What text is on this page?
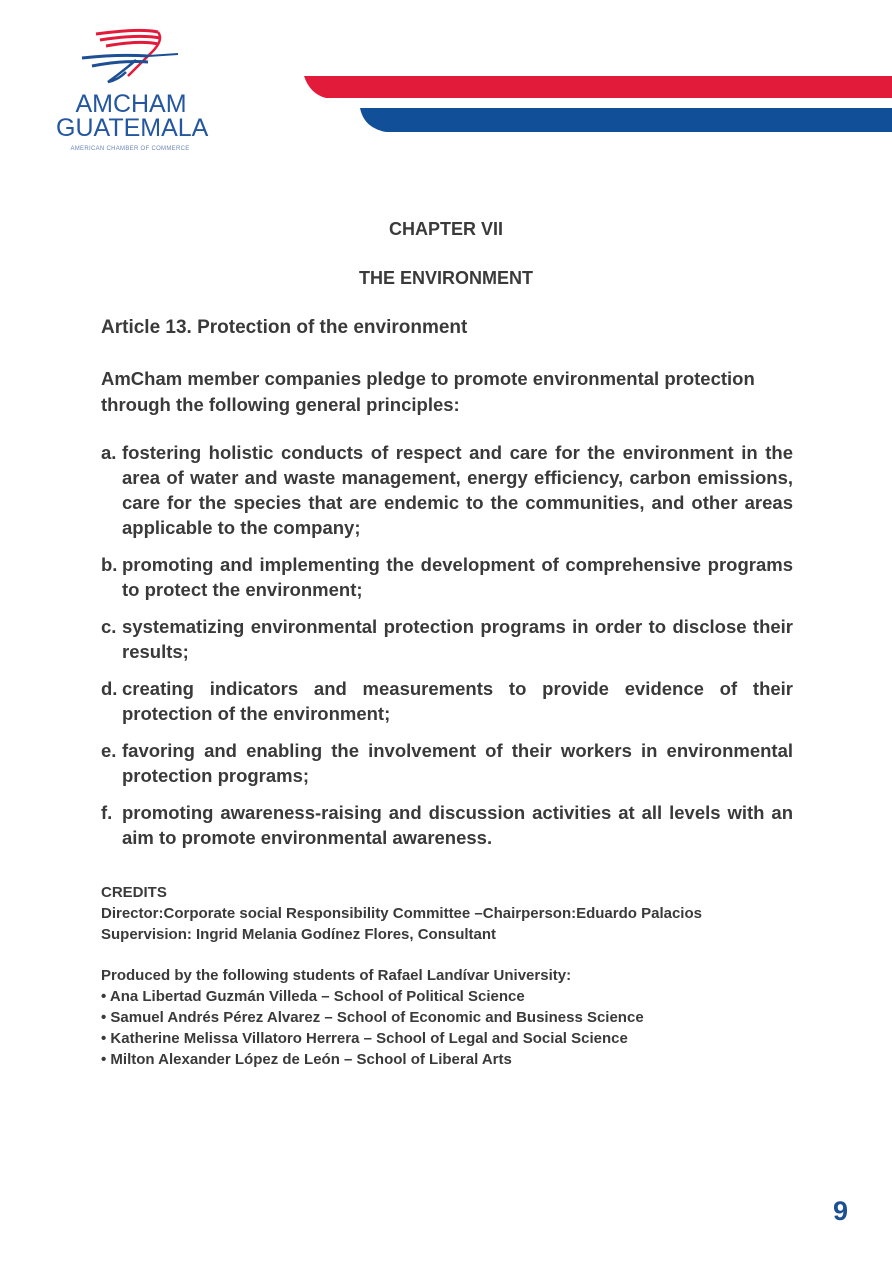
AMCHAM
GUATEMALA
AMERICAN CHAMBER OF COMMERCE
CHAPTER VII
THE ENVIRONMENT
Article 13. Protection of the environment
AmCham member companies pledge to promote environmental protection through the following general principles:
a. fostering holistic conducts of respect and care for the environment in the area of water and waste management, energy efficiency, carbon emissions, care for the species that are endemic to the communities, and other areas applicable to the company;
b. promoting and implementing the development of comprehensive programs to protect the environment;
c. systematizing environmental protection programs in order to disclose their results;
d. creating indicators and measurements to provide evidence of their protection of the environment;
e. favoring and enabling the involvement of their workers in environmental protection programs;
f. promoting awareness-raising and discussion activities at all levels with an aim to promote environmental awareness.
CREDITS
Director:Corporate social Responsibility Committee –Chairperson:Eduardo Palacios
Supervision: Ingrid Melania Godínez Flores, Consultant
Produced by the following students of Rafael Landívar University:
• Ana Libertad Guzmán Villeda – School of Political Science
• Samuel Andrés Pérez Alvarez – School of Economic and Business Science
• Katherine Melissa Villatoro Herrera – School of Legal and Social Science
• Milton Alexander López de León – School of Liberal Arts
9
